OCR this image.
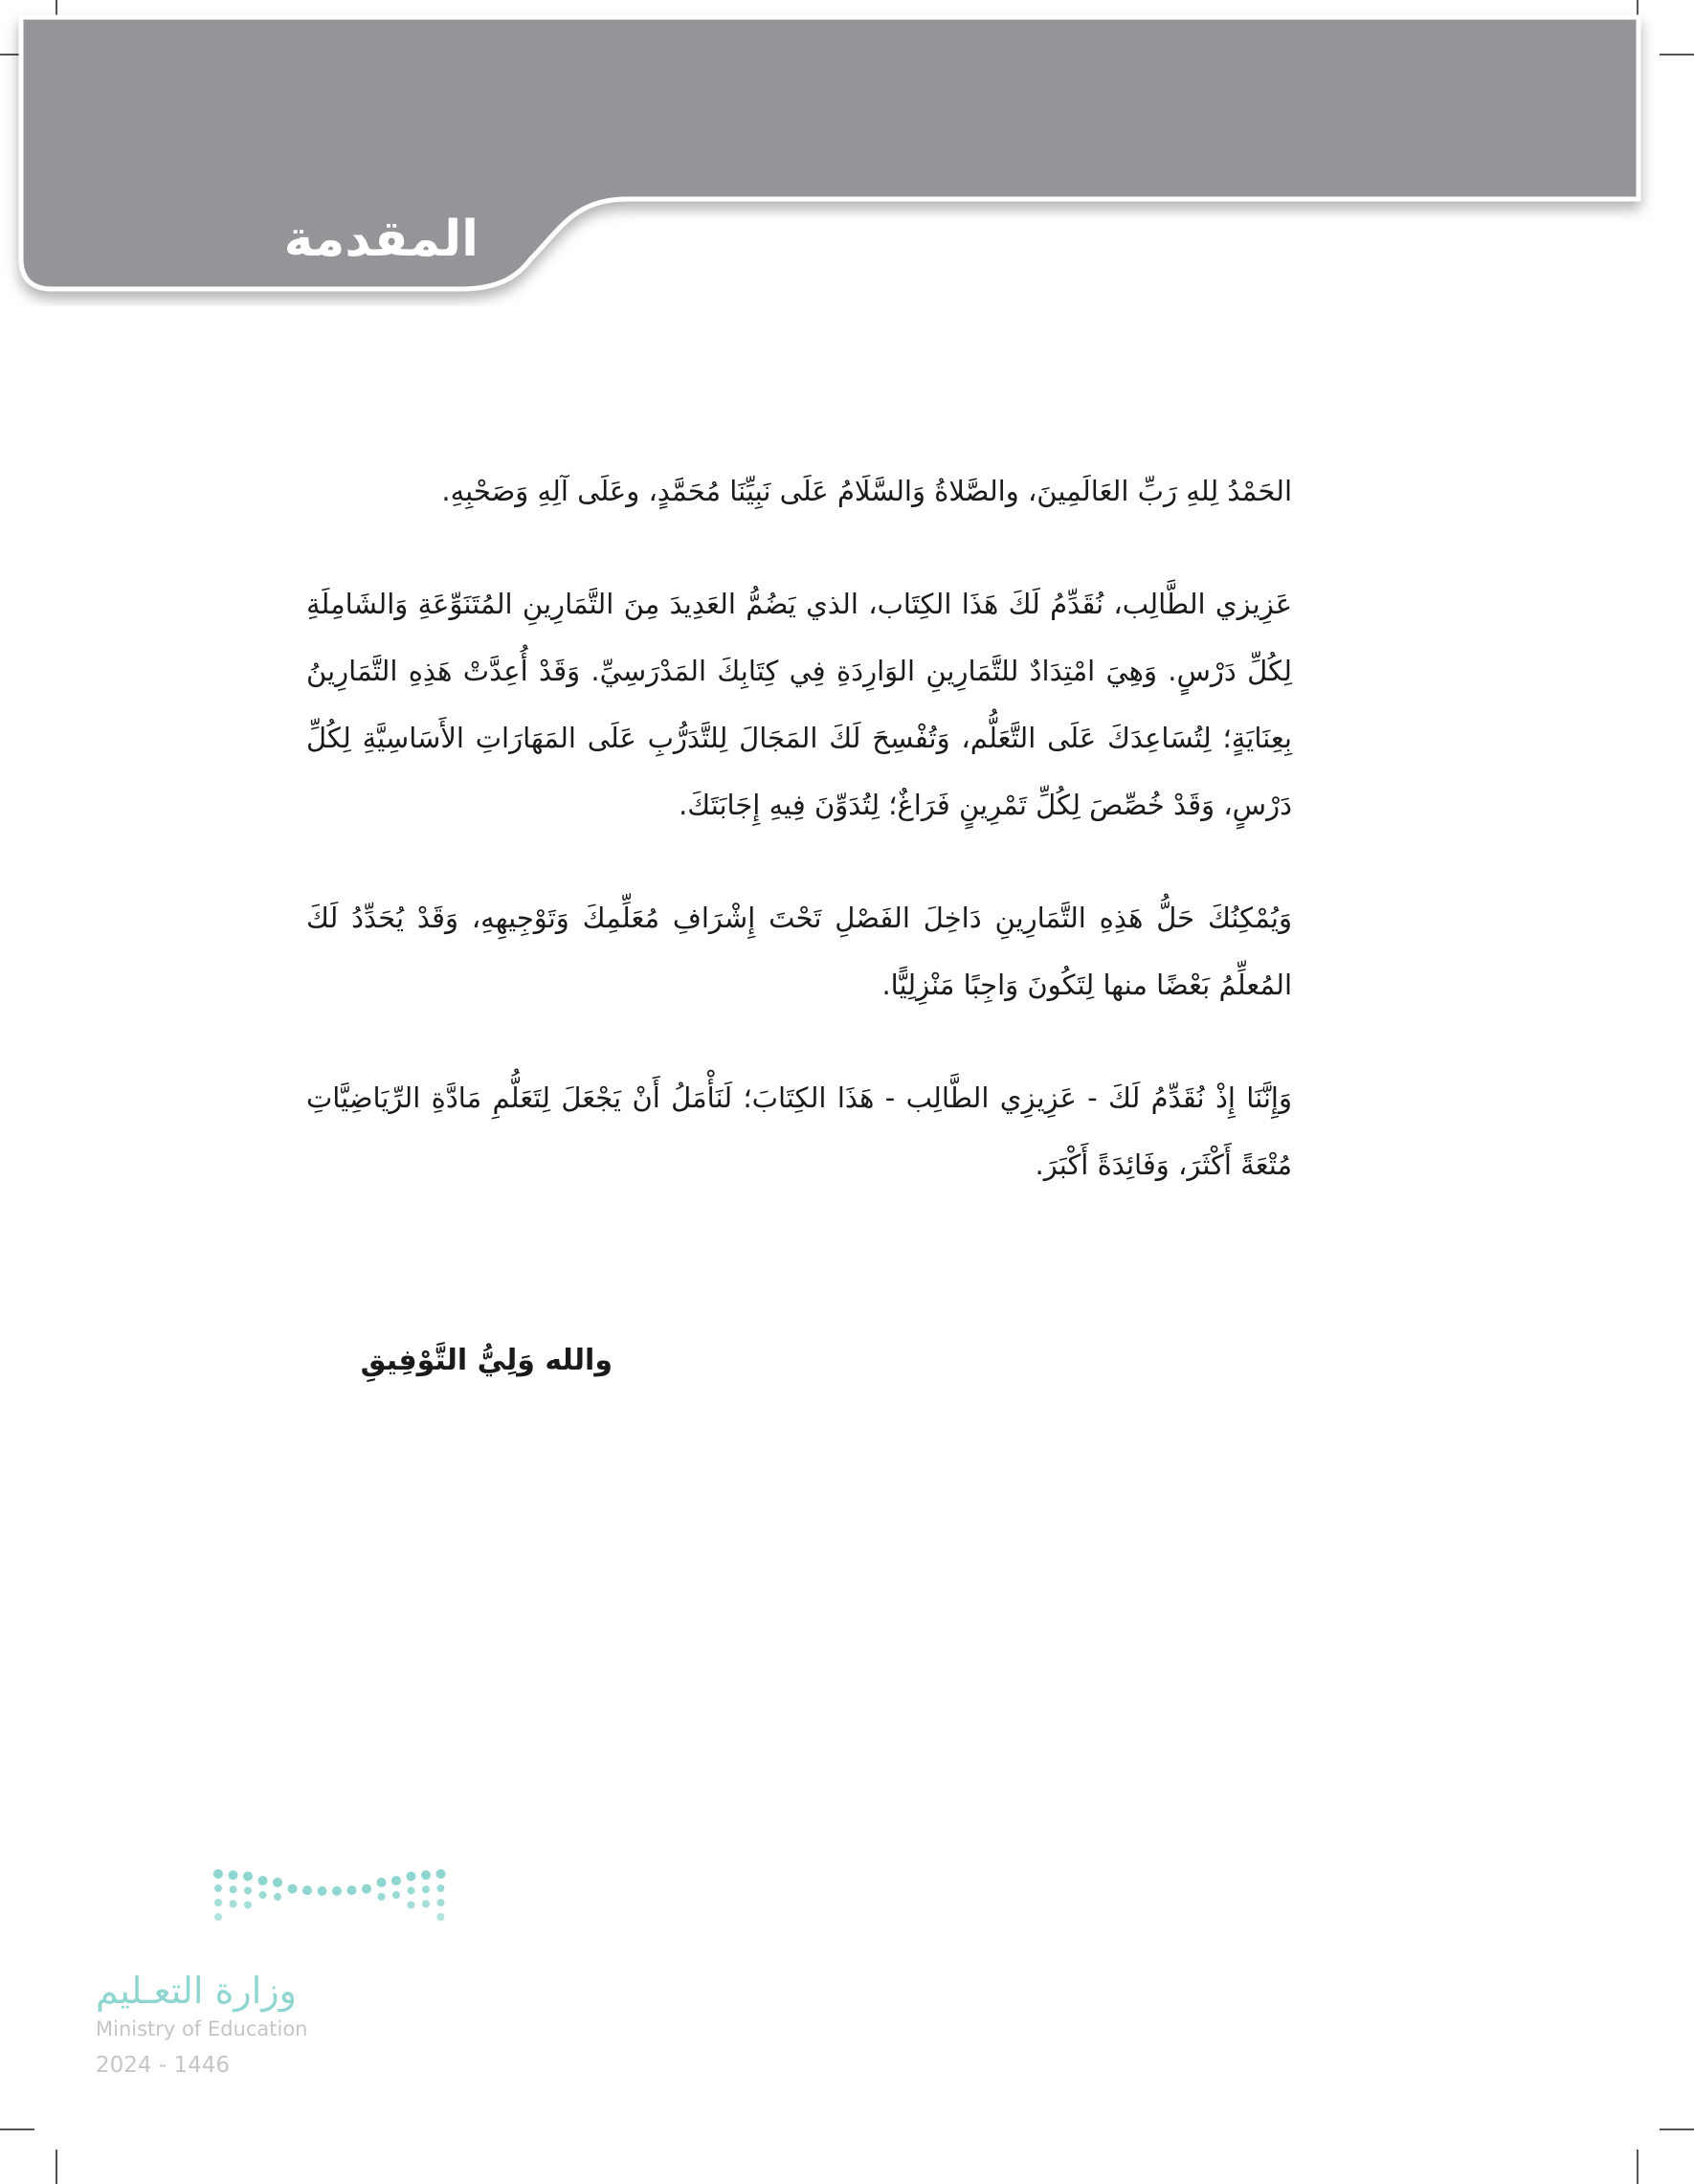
المقدمة

الحَمْدُ لِلهِ رَبِّ العَالَمِينَ، والصَّلاةُ وَالسَّلَامُ عَلَى نَبِيِّنَا مُحَمَّدٍ، وعَلَى آلِهِ وَصَحْبِهِ.

عَزِيزي الطَّالِب، نُقَدِّمُ لَكَ هَذَا الكِتَاب، الذي يَضُمُّ العَدِيدَ مِنَ التَّمَارِينِ المُتَنَوِّعَةِ وَالشَامِلَةِ لِكُلِّ دَرْسٍ. وَهِيَ امْتِدَادٌ للتَّمَارِينِ الوَارِدَةِ فِي كِتَابِكَ المَدْرَسِيِّ. وَقَدْ أُعِدَّتْ هَذِهِ التَّمَارِينُ بِعِنَايَةٍ؛ لِتُسَاعِدَكَ عَلَى التَّعَلُّم، وَتُفْسِحَ لَكَ المَجَالَ لِلتَّدَرُّبِ عَلَى المَهَارَاتِ الأَسَاسِيَّةِ لِكُلِّ دَرْسٍ، وَقَدْ خُصِّصَ لِكُلِّ تَمْرِينٍ فَرَاغٌ؛ لِتُدَوِّنَ فِيهِ إِجَابَتَكَ.

وَيُمْكِنُكَ حَلُّ هَذِهِ التَّمَارِينِ دَاخِلَ الفَصْلِ تَحْتَ إِشْرَافِ مُعَلِّمِكَ وَتَوْجِيهِهِ، وَقَدْ يُحَدِّدُ لَكَ المُعلِّمُ بَعْضًا منها لِتَكُونَ وَاجِبًا مَنْزِلِيًّا.

وَإِنَّنَا إِذْ نُقَدِّمُ لَكَ - عَزِيزِي الطَّالِب - هَذَا الكِتَابَ؛ لَنَأْمَلُ أَنْ يَجْعَلَ لِتَعَلُّمِ مَادَّةِ الرِّيَاضِيَّاتِ مُتْعَةً أَكْثَرَ، وَفَائِدَةً أَكْبَرَ.

والله وَلِيُّ التَّوْفِيقِ
وزارة التعـليم
Ministry of Education
2024 - 1446
